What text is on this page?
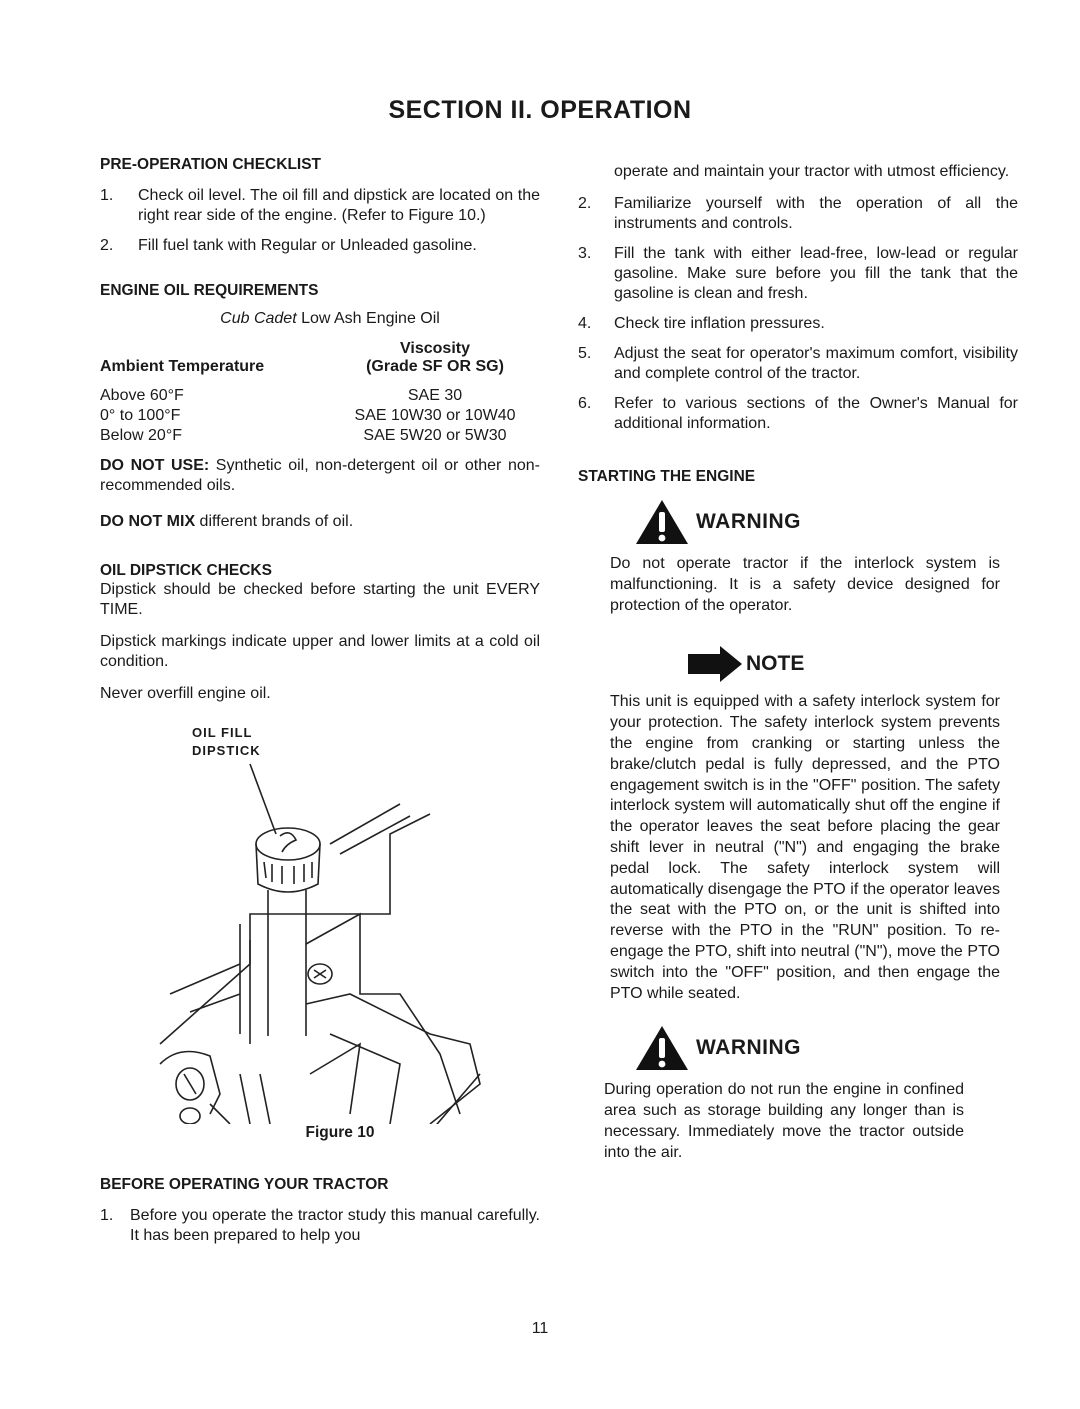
SECTION II. OPERATION
PRE-OPERATION CHECKLIST
1.	Check oil level. The oil fill and dipstick are located on the right rear side of the engine. (Refer to Figure 10.)
2.	Fill fuel tank with Regular or Unleaded gasoline.
ENGINE OIL REQUIREMENTS
Cub Cadet Low Ash Engine Oil
Ambient Temperature	Viscosity
(Grade SF OR SG)

Above 60°F	SAE 30
0° to 100°F	SAE 10W30 or 10W40
Below 20°F	SAE 5W20 or 5W30

DO NOT USE: Synthetic oil, non-detergent oil or other non-recommended oils.

DO NOT MIX different brands of oil.

OIL DIPSTICK CHECKS

Dipstick should be checked before starting the unit EVERY TIME.

Dipstick markings indicate upper and lower limits at a cold oil condition.

Never overfill engine oil.

OIL FILL
DIPSTICK
Figure 10
BEFORE OPERATING YOUR TRACTOR
1.	Before you operate the tractor study this manual carefully. It has been prepared to help you

operate and maintain your tractor with utmost efficiency.

2.	Familiarize yourself with the operation of all the instruments and controls.
3.	Fill the tank with either lead-free, low-lead or regular gasoline. Make sure before you fill the tank that the gasoline is clean and fresh.
4.	Check tire inflation pressures.
5.	Adjust the seat for operator's maximum comfort, visibility and complete control of the tractor.
6.	Refer to various sections of the Owner's Manual for additional information.
STARTING THE ENGINE
WARNING
Do not operate tractor if the interlock system is malfunctioning. It is a safety device designed for protection of the operator.
NOTE
This unit is equipped with a safety interlock system for your protection. The safety interlock system prevents the engine from cranking or starting unless the brake/clutch pedal is fully depressed, and the PTO engagement switch is in the "OFF" position. The safety interlock system will automatically shut off the engine if the operator leaves the seat before placing the gear shift lever in neutral ("N") and engaging the brake pedal lock. The safety interlock system will automatically disengage the PTO if the operator leaves the seat with the PTO on, or the unit is shifted into reverse with the PTO in the "RUN" position. To re-engage the PTO, shift into neutral ("N"), move the PTO switch into the "OFF" position, and then engage the PTO while seated.
WARNING
During operation do not run the engine in confined area such as storage building any longer than is necessary. Immediately move the tractor outside into the air.
11
